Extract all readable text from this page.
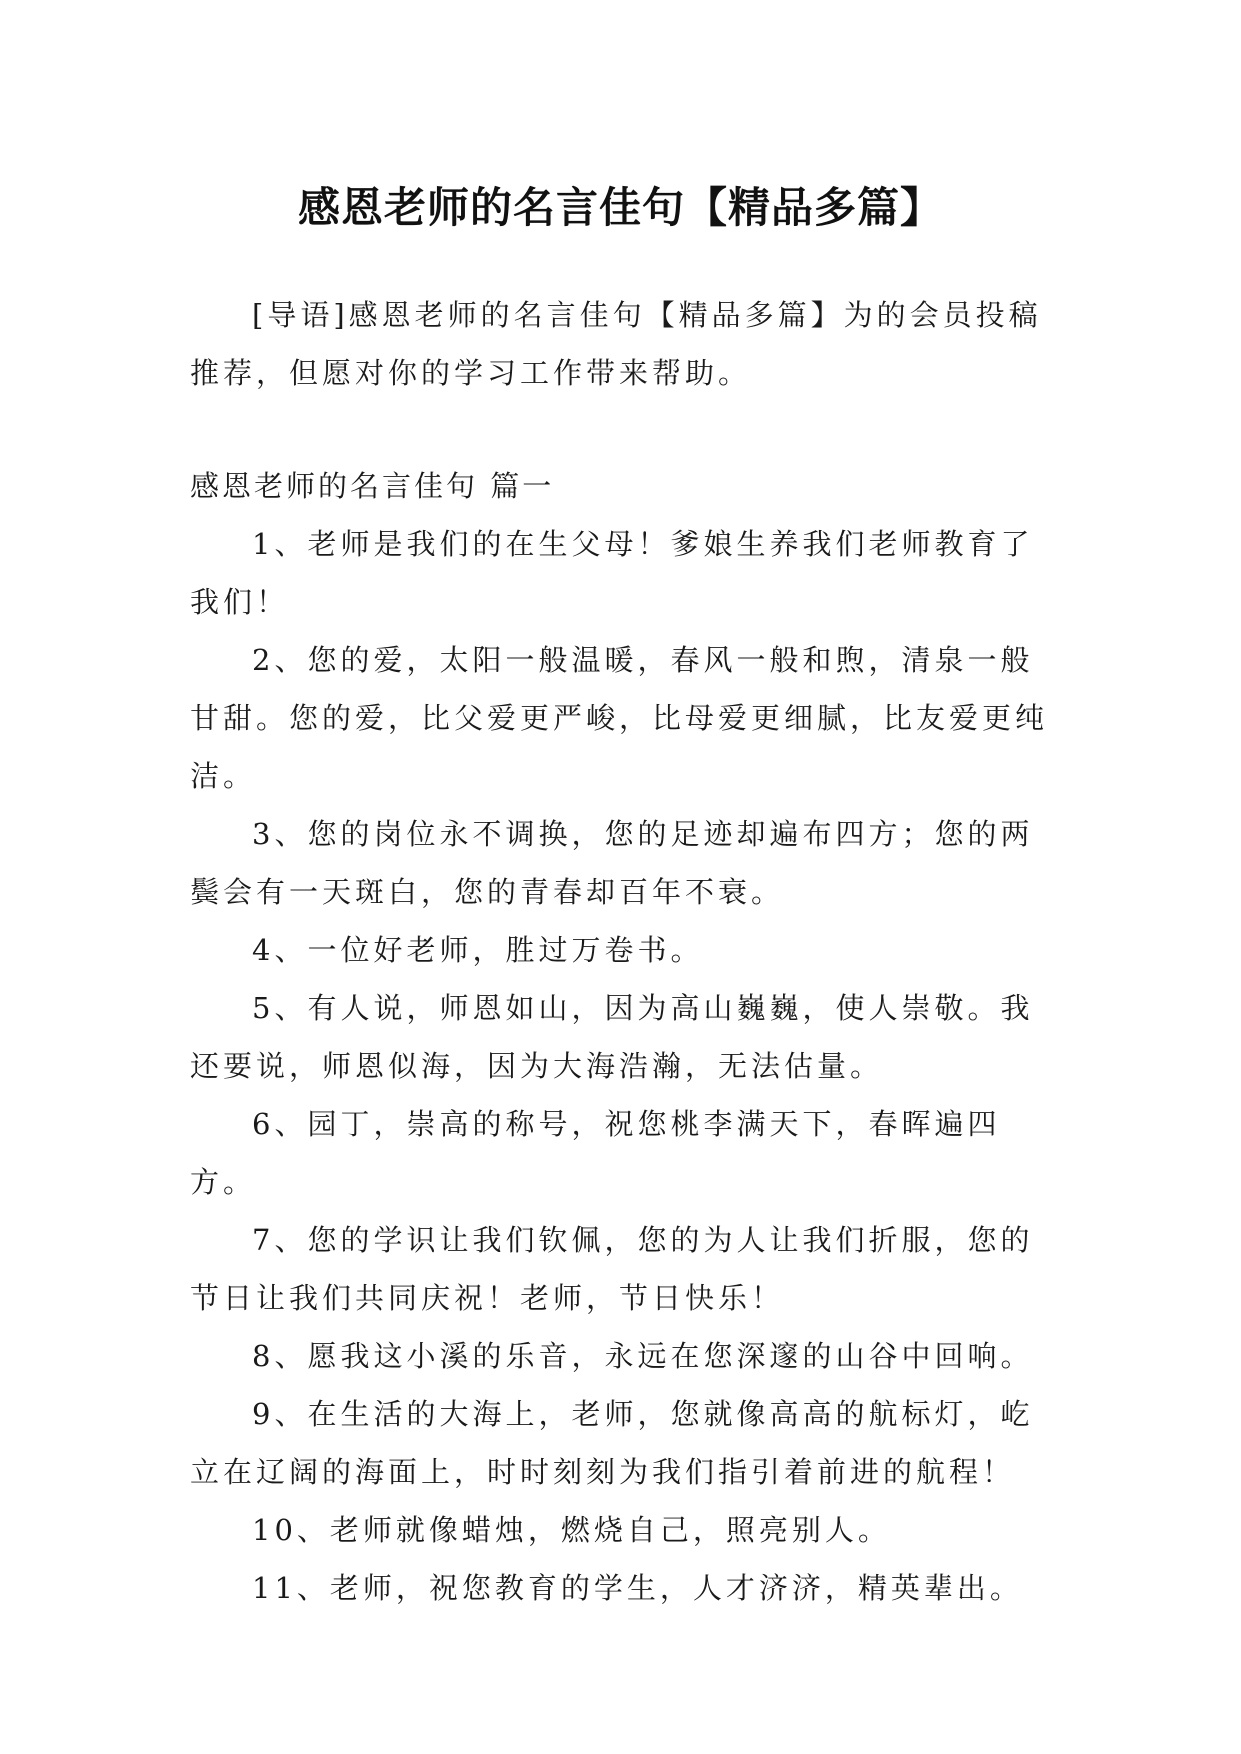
感恩老师的名言佳句【精品多篇】

[导语]感恩老师的名言佳句【精品多篇】为的会员投稿推荐，但愿对你的学习工作带来帮助。

感恩老师的名言佳句 篇一

1、老师是我们的在生父母！爹娘生养我们老师教育了我们！
2、您的爱，太阳一般温暖，春风一般和煦，清泉一般甘甜。您的爱，比父爱更严峻，比母爱更细腻，比友爱更纯洁。
3、您的岗位永不调换，您的足迹却遍布四方；您的两鬓会有一天斑白，您的青春却百年不衰。
4、一位好老师，胜过万卷书。
5、有人说，师恩如山，因为高山巍巍，使人崇敬。我还要说，师恩似海，因为大海浩瀚，无法估量。
6、园丁，崇高的称号，祝您桃李满天下，春晖遍四方。
7、您的学识让我们钦佩，您的为人让我们折服，您的节日让我们共同庆祝！老师，节日快乐！
8、愿我这小溪的乐音，永远在您深邃的山谷中回响。
9、在生活的大海上，老师，您就像高高的航标灯，屹立在辽阔的海面上，时时刻刻为我们指引着前进的航程！
10、老师就像蜡烛，燃烧自己，照亮别人。
11、老师，祝您教育的学生，人才济济，精英辈出。
